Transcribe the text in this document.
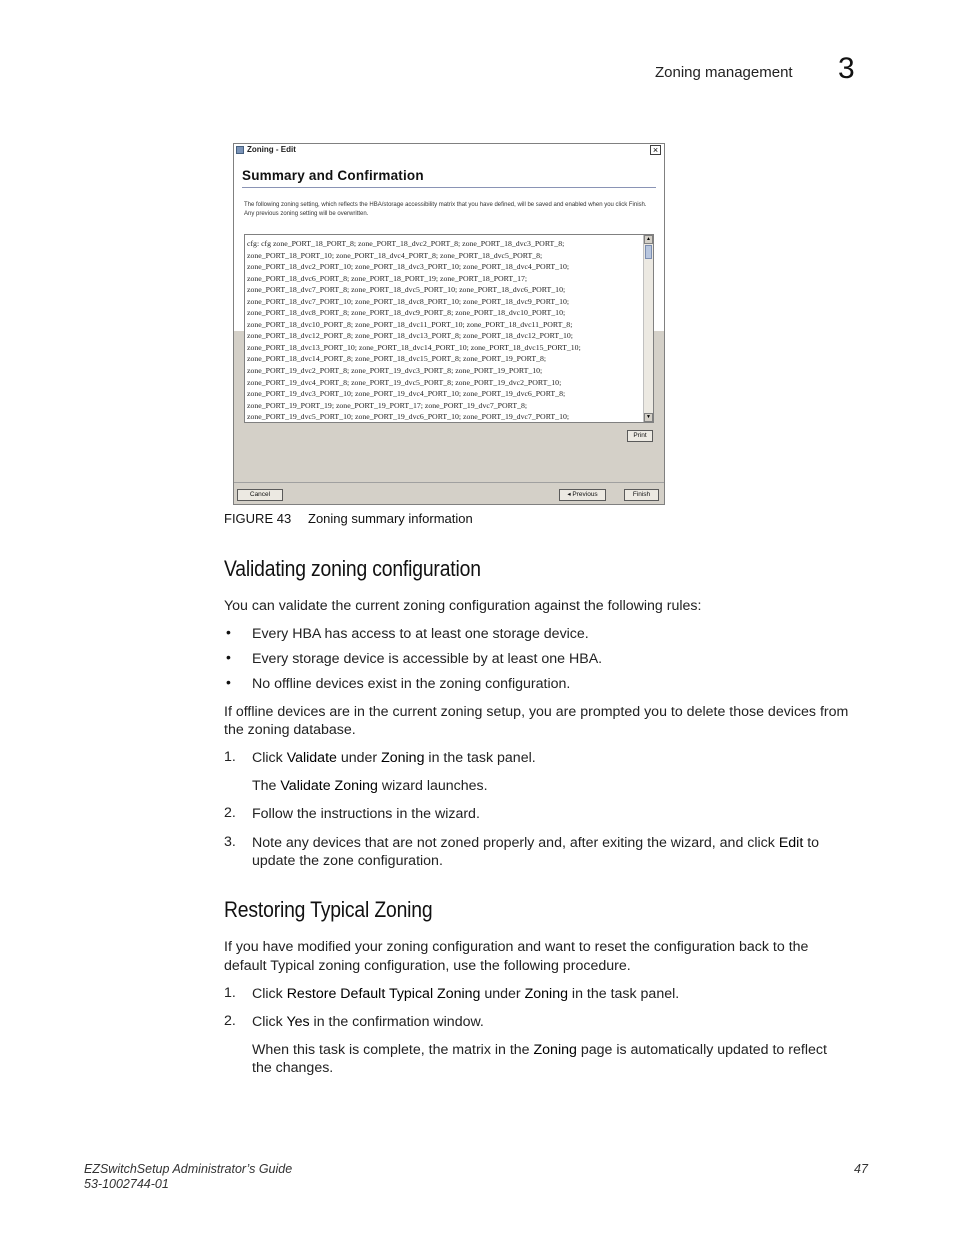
Zoning management 3
Zoning - Edit	×
Summary and Confirmation
The following zoning setting, which reflects the HBA/storage accessibility matrix that you have defined, will be saved and enabled when you click Finish. Any previous zoning setting will be overwritten.
cfg: cfg zone_PORT_18_PORT_8; zone_PORT_18_dvc2_PORT_8; zone_PORT_18_dvc3_PORT_8;
zone_PORT_18_PORT_10; zone_PORT_18_dvc4_PORT_8; zone_PORT_18_dvc5_PORT_8;
zone_PORT_18_dvc2_PORT_10; zone_PORT_18_dvc3_PORT_10; zone_PORT_18_dvc4_PORT_10;
zone_PORT_18_dvc6_PORT_8; zone_PORT_18_PORT_19; zone_PORT_18_PORT_17;
zone_PORT_18_dvc7_PORT_8; zone_PORT_18_dvc5_PORT_10; zone_PORT_18_dvc6_PORT_10;
zone_PORT_18_dvc7_PORT_10; zone_PORT_18_dvc8_PORT_10; zone_PORT_18_dvc9_PORT_10;
zone_PORT_18_dvc8_PORT_8; zone_PORT_18_dvc9_PORT_8; zone_PORT_18_dvc10_PORT_10;
zone_PORT_18_dvc10_PORT_8; zone_PORT_18_dvc11_PORT_10; zone_PORT_18_dvc11_PORT_8;
zone_PORT_18_dvc12_PORT_8; zone_PORT_18_dvc13_PORT_8; zone_PORT_18_dvc12_PORT_10;
zone_PORT_18_dvc13_PORT_10; zone_PORT_18_dvc14_PORT_10; zone_PORT_18_dvc15_PORT_10;
zone_PORT_18_dvc14_PORT_8; zone_PORT_18_dvc15_PORT_8; zone_PORT_19_PORT_8;
zone_PORT_19_dvc2_PORT_8; zone_PORT_19_dvc3_PORT_8; zone_PORT_19_PORT_10;
zone_PORT_19_dvc4_PORT_8; zone_PORT_19_dvc5_PORT_8; zone_PORT_19_dvc2_PORT_10;
zone_PORT_19_dvc3_PORT_10; zone_PORT_19_dvc4_PORT_10; zone_PORT_19_dvc6_PORT_8;
zone_PORT_19_PORT_19; zone_PORT_19_PORT_17; zone_PORT_19_dvc7_PORT_8;
zone_PORT_19_dvc5_PORT_10; zone_PORT_19_dvc6_PORT_10; zone_PORT_19_dvc7_PORT_10;
▲
▼
Print
Cancel	◂ Previous	Finish
FIGURE 43 Zoning summary information
Validating zoning configuration
You can validate the current zoning configuration against the following rules:
• Every HBA has access to at least one storage device.
• Every storage device is accessible by at least one HBA.
• No offline devices exist in the zoning configuration.
If offline devices are in the current zoning setup, you are prompted you to delete those devices from
the zoning database.
1. Click Validate under Zoning in the task panel.
The Validate Zoning wizard launches.
2. Follow the instructions in the wizard.
3. Note any devices that are not zoned properly and, after exiting the wizard, and click Edit to
update the zone configuration.
Restoring Typical Zoning
If you have modified your zoning configuration and want to reset the configuration back to the
default Typical zoning configuration, use the following procedure.
1. Click Restore Default Typical Zoning under Zoning in the task panel.
2. Click Yes in the confirmation window.
When this task is complete, the matrix in the Zoning page is automatically updated to reflect
the changes.
EZSwitchSetup Administrator’s Guide
53-1002744-01
47
